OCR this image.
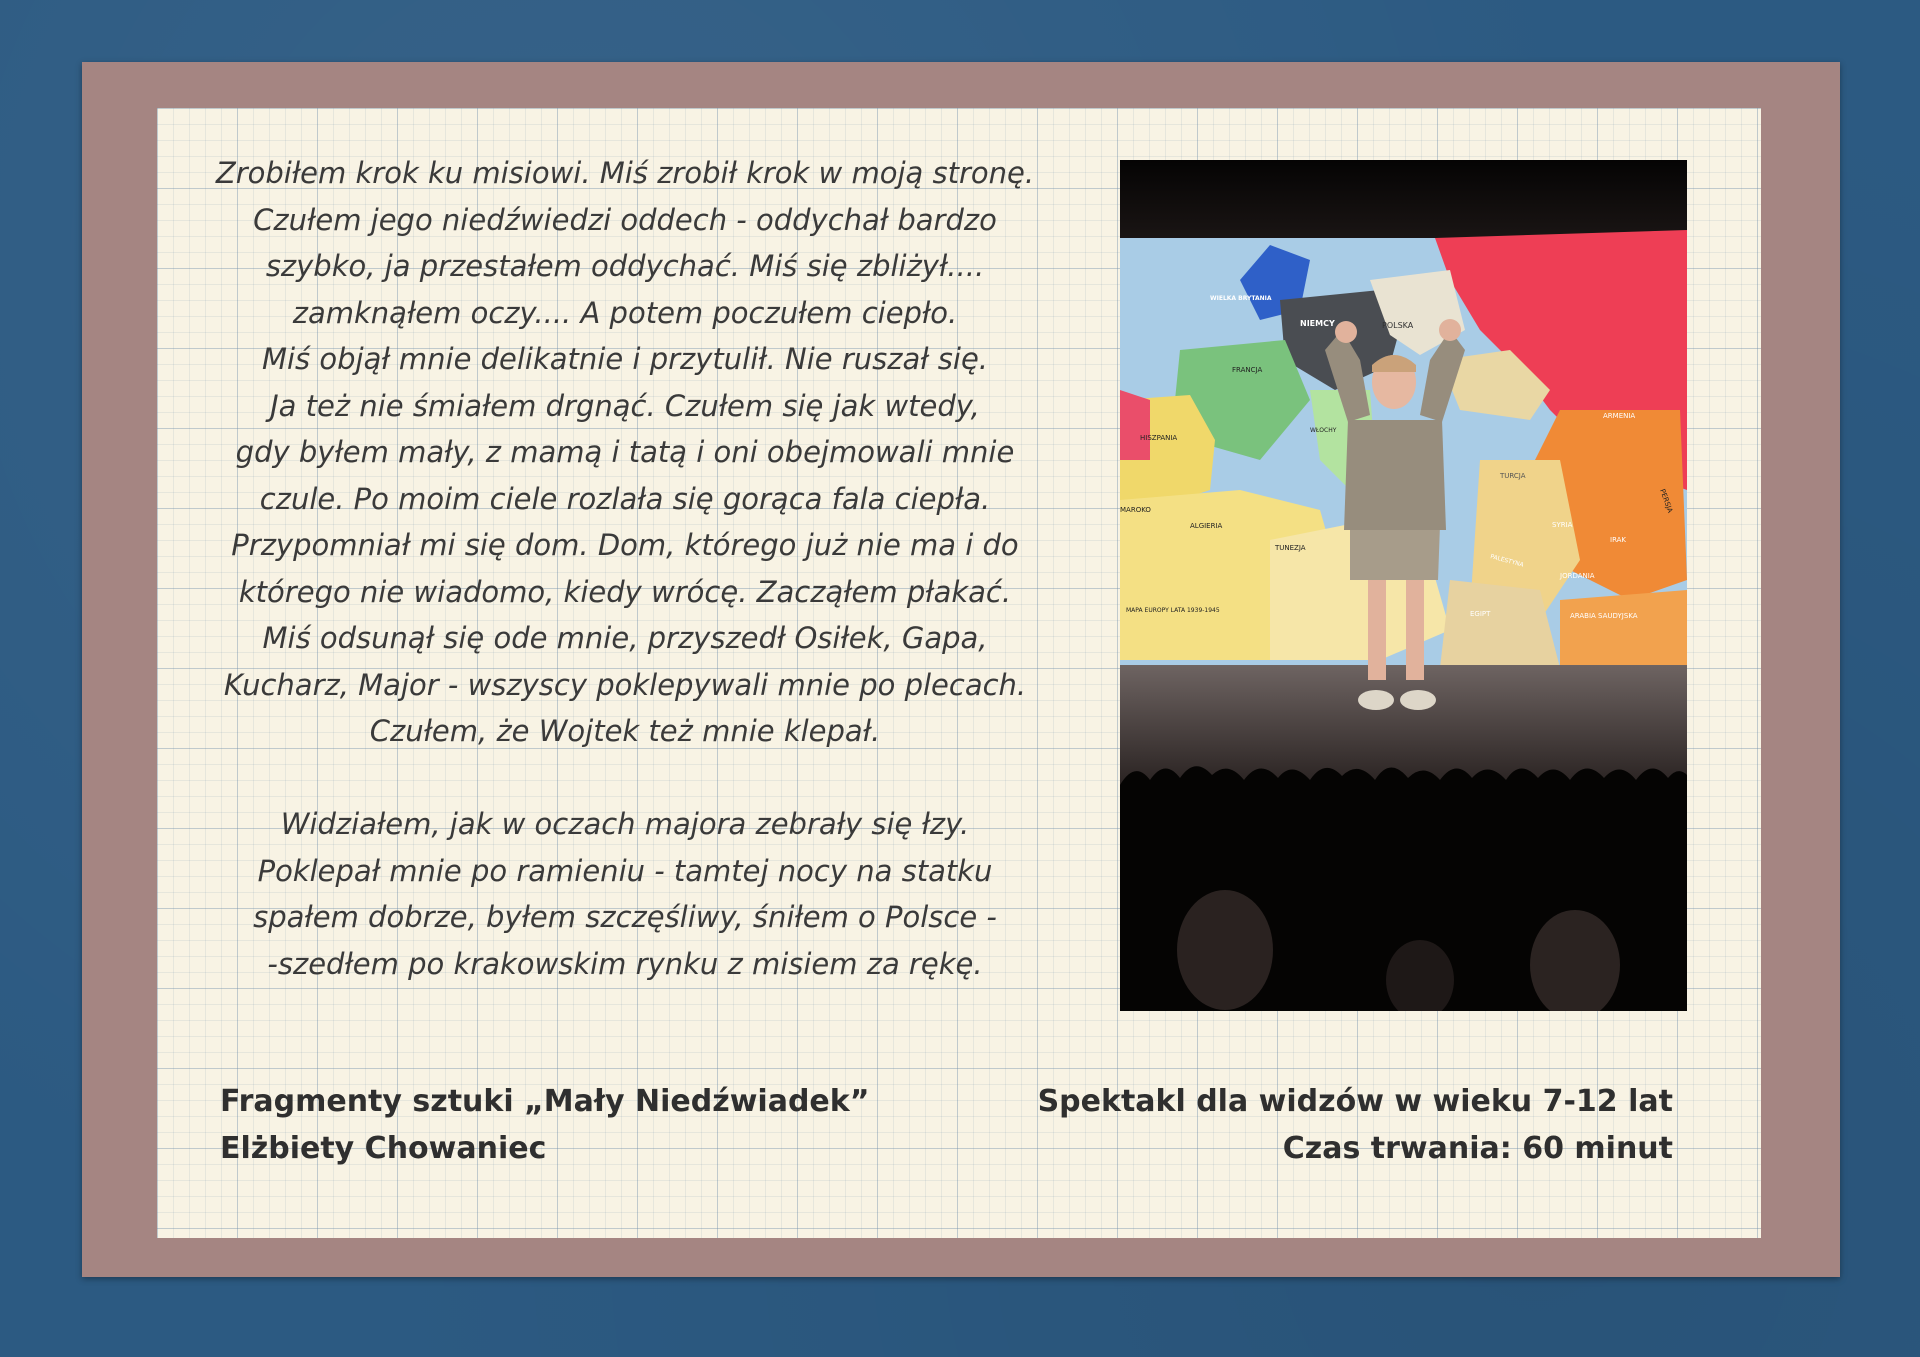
Zrobiłem krok ku misiowi. Miś zrobił krok w moją stronę.
Czułem jego niedźwiedzi oddech - oddychał bardzo
szybko, ja przestałem oddychać. Miś się zbliżył....
zamknąłem oczy.... A potem poczułem ciepło.
Miś objął mnie delikatnie i przytulił. Nie ruszał się.
Ja też nie śmiałem drgnąć. Czułem się jak wtedy,
gdy byłem mały, z mamą i tatą i oni obejmowali mnie
czule. Po moim ciele rozlała się gorąca fala ciepła.
Przypomniał mi się dom. Dom, którego już nie ma i do
którego nie wiadomo, kiedy wrócę. Zacząłem płakać.
Miś odsunął się ode mnie, przyszedł Osiłek, Gapa,
Kucharz, Major - wszyscy poklepywali mnie po plecach.
Czułem, że Wojtek też mnie klepał.
Widziałem, jak w oczach majora zebrały się łzy.
Poklepał mnie po ramieniu - tamtej nocy na statku
spałem dobrze, byłem szczęśliwy, śniłem o Polsce -
-szedłem po krakowskim rynku z misiem za rękę.
NIEMCY	POLSKA
FRANCJA
HISZPANIA
WŁOCHY
MAROKO
ALGIERIA
TUNEZJA
ARMENIA
TURCJA
PERSJA
SYRIA
IRAK
PALESTYNA
JORDANIA
ARABIA SAUDYJSKA
EGIPT
MAPA EUROPY LATA 1939-1945
WIELKA BRYTANIA
Fragmenty sztuki „Mały Niedźwiadek”
Elżbiety Chowaniec
Spektakl dla widzów w wieku 7-12 lat
Czas trwania: 60 minut
